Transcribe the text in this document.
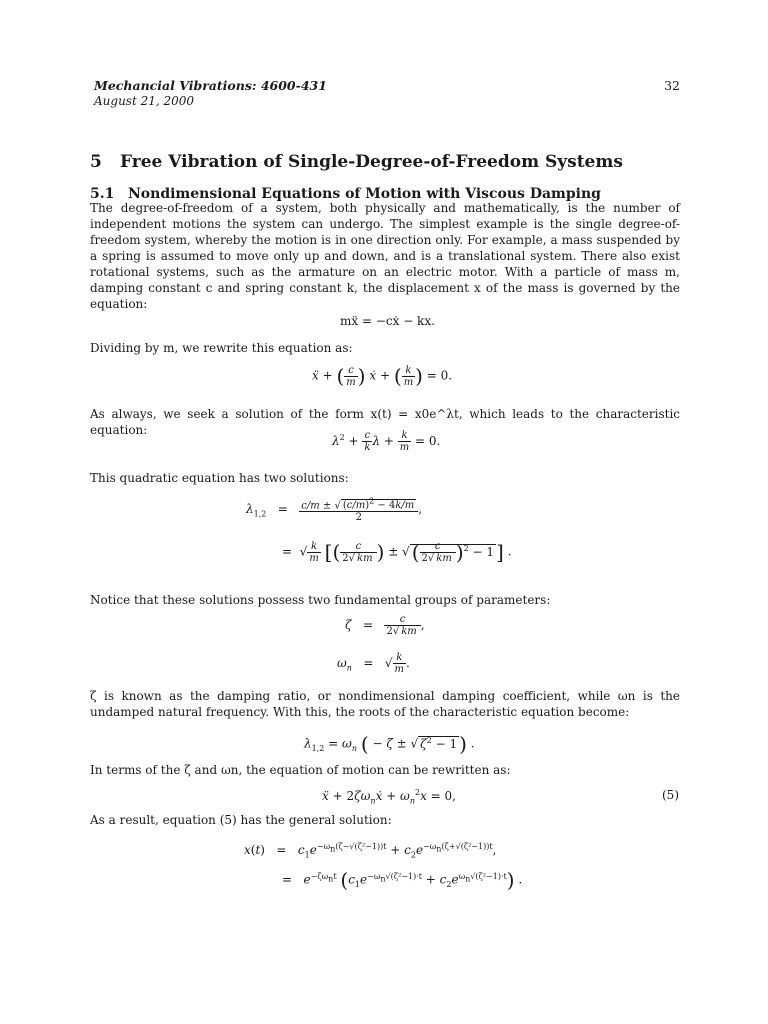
Mechancial Vibrations: 4600-431
August 21, 2000
32
5 Free Vibration of Single-Degree-of-Freedom Systems
5.1 Nondimensional Equations of Motion with Viscous Damping

The degree-of-freedom of a system, both physically and mathematically, is the number of independent motions the system can undergo. The simplest example is the single degree-of-freedom system, whereby the motion is in one direction only. For example, a mass suspended by a spring is assumed to move only up and down, and is a translational system. There also exist rotational systems, such as the armature on an electric motor. With a particle of mass m, damping constant c and spring constant k, the displacement x of the mass is governed by the equation:

mẍ = −cẋ − kx.

Dividing by m, we rewrite this equation as:

ẍ + ( $\frac{c}{m}$ ) ẋ + ( $\frac{k}{m}$ ) = 0.

As always, we seek a solution of the form x(t) = x0e^λt, which leads to the characteristic equation:

$\lambda^2 + \frac{c}{k}$ $\lambda + \frac{k}{m} = 0$.

This quadratic equation has two solutions:

$\lambda_{1,2} = \frac{c/m \pm √ (c/m)^2 - 4k/m}{2}$ ,
=  √ $\frac{k}{m}$ [( $\frac{c}{2√ km}$ ) ± √ ( $\frac{c}{2√ km} )^2 - 1$ ] .

Notice that these solutions possess two fundamental groups of parameters:

$\zeta = \frac{c}{2√ km}$ ,
$\omega_n$   =   √ $\frac{k}{m}$ .

ζ is known as the damping ratio, or nondimensional damping coefficient, while ωn is the undamped natural frequency. With this, the roots of the characteristic equation become:

$\lambda_{1,2} = \omega_n$ ( − ζ ± √ $\zeta^2 - 1$ ) .

In terms of the ζ and ωn, the equation of motion can be rewritten as:

ẍ + $2\zeta\omega_nẋ + \omega_n^2x = 0$,	(5)

As a result, equation (5) has the general solution:

$x(t) = c_1e^{-\omega_n(\zeta-√(\zeta^2-1))t} + c_2e^{-\omega_n(\zeta+√(\zeta^2-1))t}$,
=   $e^{-\zeta\omega_nt}$ $(c_1e^{-\omega_n√(\zeta^2-1)\cdot t} + c_2e^{\omega_n√(\zeta^2-1)\cdot t})$ .
